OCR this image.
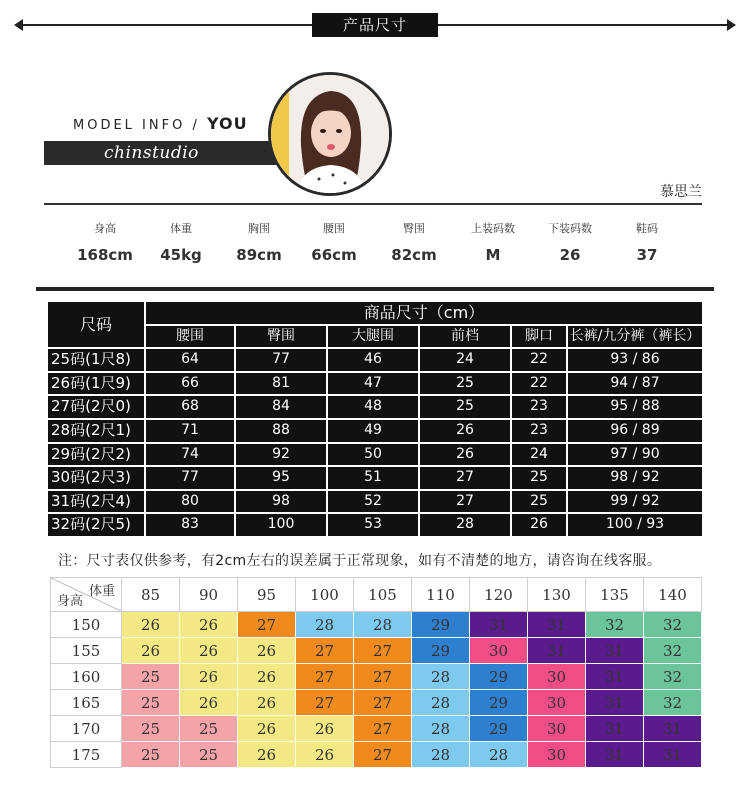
产品尺寸
MODEL INFO / YOU
chinstudio
慕思兰
身高
168cm
体重
45kg
胸围
89cm
腰围
66cm
臀围
82cm
上装码数
M
下装码数
26
鞋码
37
尺码	商品尺寸（cm）					
	腰围	臀围	大腿围	前档	脚口	长裤/九分裤（裤长）
25码(1尺8)	64	77	46	24	22	93 / 86
26码(1尺9)	66	81	47	25	22	94 / 87
27码(2尺0)	68	84	48	25	23	95 / 88
28码(2尺1)	71	88	49	26	23	96 / 89
29码(2尺2)	74	92	50	26	24	97 / 90
30码(2尺3)	77	95	51	27	25	98 / 92
31码(2尺4)	80	98	52	27	25	99 / 92
32码(2尺5)	83	100	53	28	26	100 / 93
注：尺寸表仅供参考，有2cm左右的误差属于正常现象，如有不清楚的地方，请咨询在线客服。
体重
身高	85	90	95	100	105	110	120	130	135	140
150	26	26	27	28	28	29	31	31	32	32
155	26	26	26	27	27	29	30	31	31	32
160	25	26	26	27	27	28	29	30	31	32
165	25	26	26	27	27	28	29	30	31	32
170	25	25	26	26	27	28	29	30	31	31
175	25	25	26	26	27	28	28	30	31	31
